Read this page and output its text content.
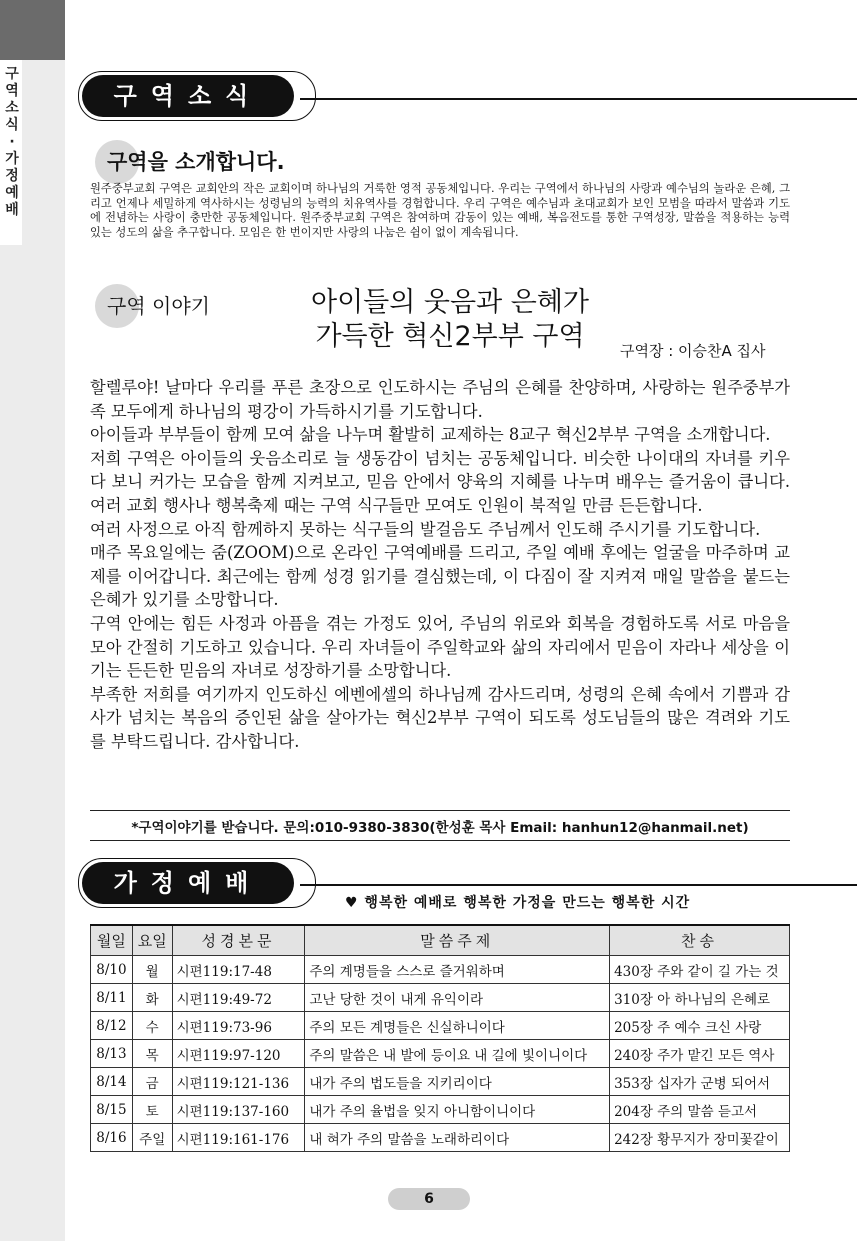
구역소식·가정예배
구역소식
구역을 소개합니다.
원주중부교회 구역은 교회안의 작은 교회이며 하나님의 거룩한 영적 공동체입니다. 우리는 구역에서 하나님의 사랑과 예수님의 놀라운 은혜, 그리고 언제나 세밀하게 역사하시는 성령님의 능력의 치유역사를 경험합니다. 우리 구역은 예수님과 초대교회가 보인 모범을 따라서 말씀과 기도에 전념하는 사랑이 충만한 공동체입니다. 원주중부교회 구역은 참여하며 감동이 있는 예배, 복음전도를 통한 구역성장, 말씀을 적용하는 능력 있는 성도의 삶을 추구합니다. 모임은 한 번이지만 사랑의 나눔은 쉼이 없이 계속됩니다.
구역 이야기	아이들의 웃음과 은혜가
가득한 혁신2부부 구역	구역장 : 이승찬A 집사

할렐루야! 날마다 우리를 푸른 초장으로 인도하시는 주님의 은혜를 찬양하며, 사랑하는 원주중부가족 모두에게 하나님의 평강이 가득하시기를 기도합니다.

아이들과 부부들이 함께 모여 삶을 나누며 활발히 교제하는 8교구 혁신2부부 구역을 소개합니다.

저희 구역은 아이들의 웃음소리로 늘 생동감이 넘치는 공동체입니다. 비슷한 나이대의 자녀를 키우다 보니 커가는 모습을 함께 지켜보고, 믿음 안에서 양육의 지혜를 나누며 배우는 즐거움이 큽니다. 여러 교회 행사나 행복축제 때는 구역 식구들만 모여도 인원이 북적일 만큼 든든합니다.

여러 사정으로 아직 함께하지 못하는 식구들의 발걸음도 주님께서 인도해 주시기를 기도합니다.

매주 목요일에는 줌(ZOOM)으로 온라인 구역예배를 드리고, 주일 예배 후에는 얼굴을 마주하며 교제를 이어갑니다. 최근에는 함께 성경 읽기를 결심했는데, 이 다짐이 잘 지켜져 매일 말씀을 붙드는 은혜가 있기를 소망합니다.

구역 안에는 힘든 사정과 아픔을 겪는 가정도 있어, 주님의 위로와 회복을 경험하도록 서로 마음을 모아 간절히 기도하고 있습니다. 우리 자녀들이 주일학교와 삶의 자리에서 믿음이 자라나 세상을 이기는 든든한 믿음의 자녀로 성장하기를 소망합니다.

부족한 저희를 여기까지 인도하신 에벤에셀의 하나님께 감사드리며, 성령의 은혜 속에서 기쁨과 감사가 넘치는 복음의 증인된 삶을 살아가는 혁신2부부 구역이 되도록 성도님들의 많은 격려와 기도를 부탁드립니다. 감사합니다.

*구역이야기를 받습니다. 문의:010-9380-3830(한성훈 목사 Email: hanhun12@hanmail.net)
가정예배
♥ 행복한 예배로 행복한 가정을 만드는 행복한 시간
월일	요일	성경본문	말씀주제	찬송
8/10	월	시편119:17-48	주의 계명들을 스스로 즐거워하며	430장 주와 같이 길 가는 것
8/11	화	시편119:49-72	고난 당한 것이 내게 유익이라	310장 아 하나님의 은혜로
8/12	수	시편119:73-96	주의 모든 계명들은 신실하니이다	205장 주 예수 크신 사랑
8/13	목	시편119:97-120	주의 말씀은 내 발에 등이요 내 길에 빛이니이다	240장 주가 맡긴 모든 역사
8/14	금	시편119:121-136	내가 주의 법도들을 지키리이다	353장 십자가 군병 되어서
8/15	토	시편119:137-160	내가 주의 율법을 잊지 아니함이니이다	204장 주의 말씀 듣고서
8/16	주일	시편119:161-176	내 혀가 주의 말씀을 노래하리이다	242장 황무지가 장미꽃같이
6
